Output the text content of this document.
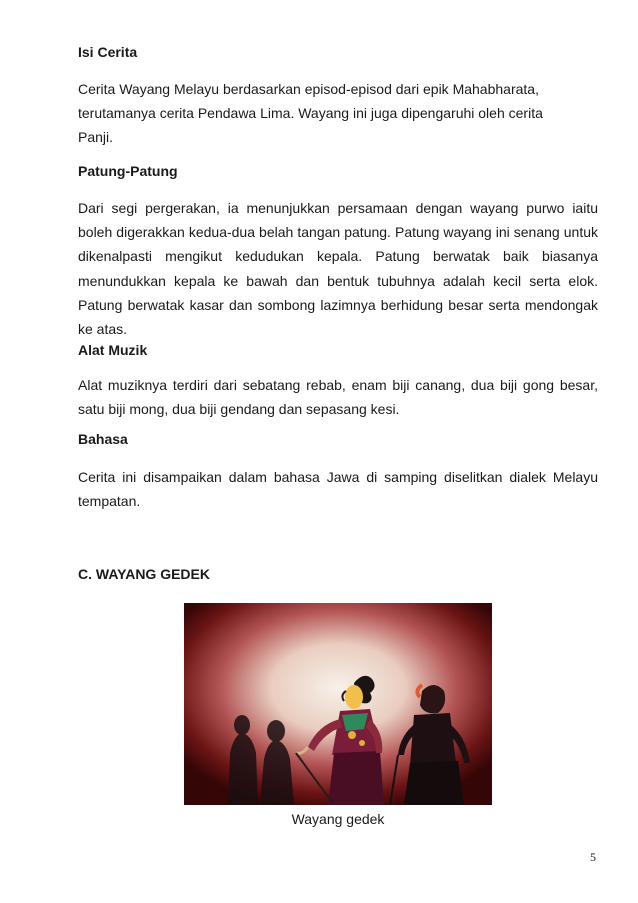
Isi Cerita

Cerita Wayang Melayu berdasarkan episod-episod dari epik Mahabharata, terutamanya cerita Pendawa Lima. Wayang ini juga dipengaruhi oleh cerita Panji.

Patung-Patung

Dari segi pergerakan, ia menunjukkan persamaan dengan wayang purwo iaitu boleh digerakkan kedua-dua belah tangan patung. Patung wayang ini senang untuk dikenalpasti mengikut kedudukan kepala. Patung berwatak baik biasanya menundukkan kepala ke bawah dan bentuk tubuhnya adalah kecil serta elok. Patung berwatak kasar dan sombong lazimnya berhidung besar serta mendongak ke atas.

Alat Muzik

Alat muziknya terdiri dari sebatang rebab, enam biji canang, dua biji gong besar, satu biji mong, dua biji gendang dan sepasang kesi.

Bahasa

Cerita ini disampaikan dalam bahasa Jawa di samping diselitkan dialek Melayu tempatan.

C. WAYANG GEDEK
Wayang gedek
5
